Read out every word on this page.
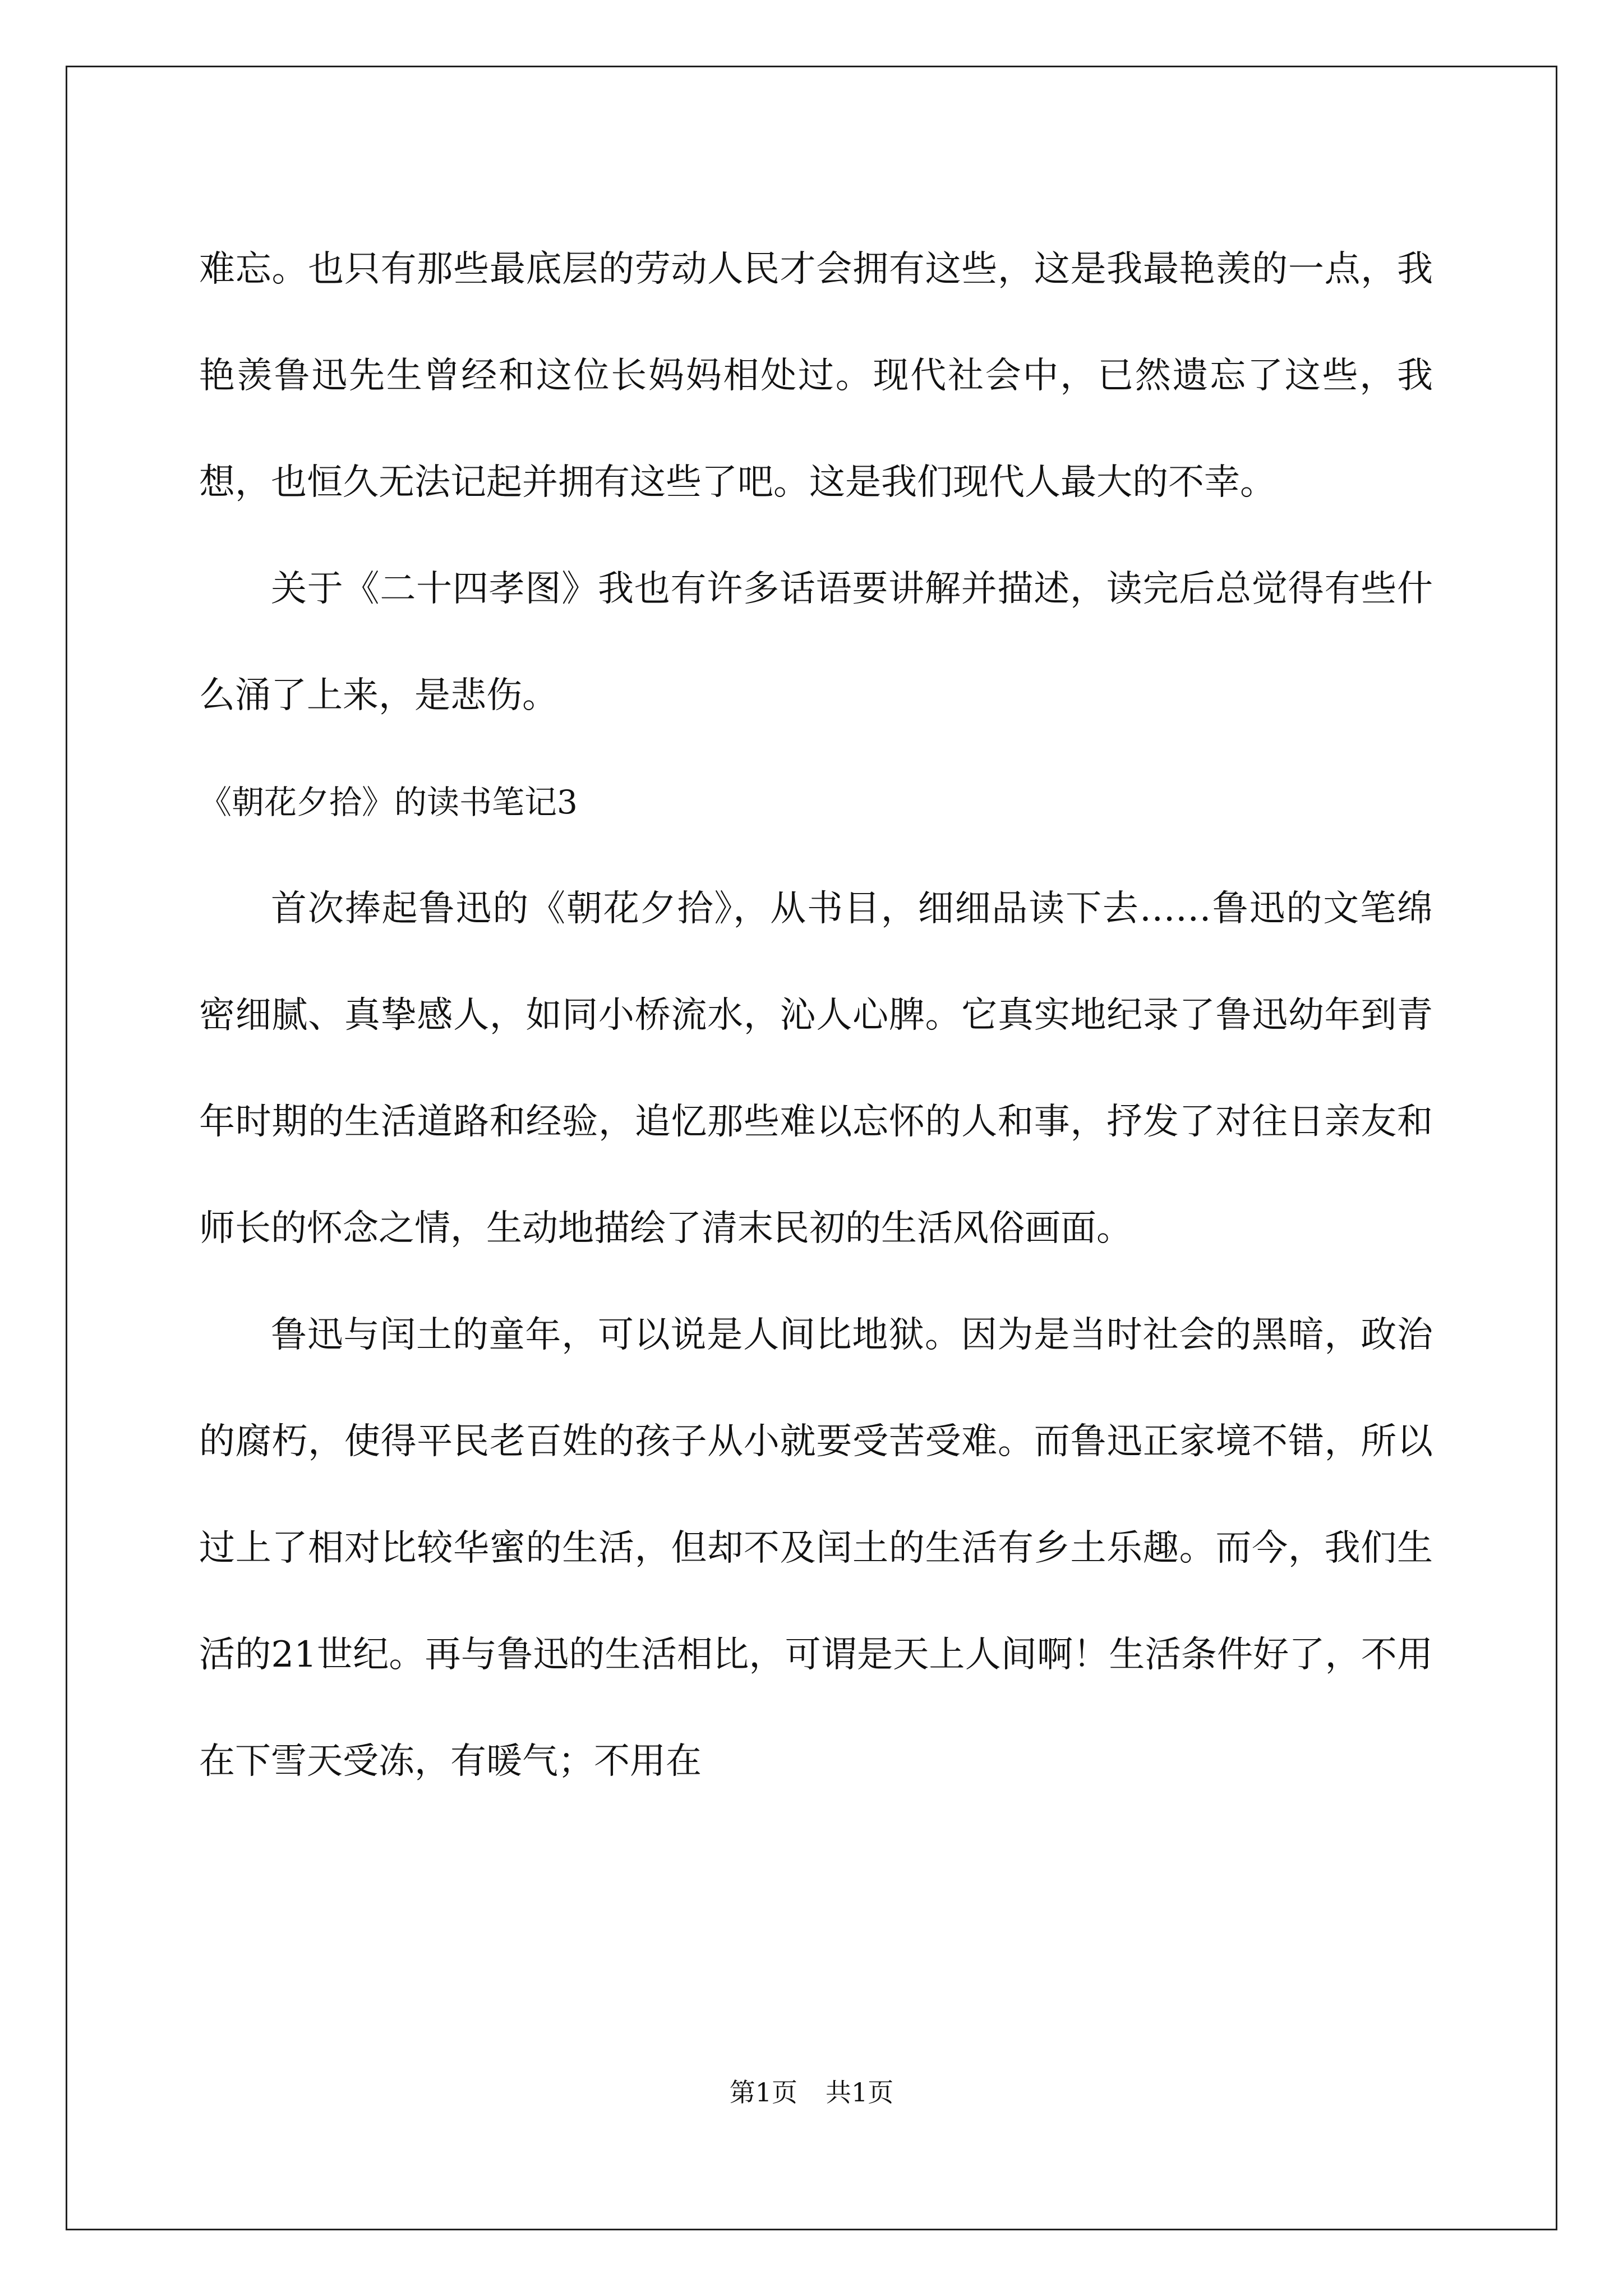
难忘。也只有那些最底层的劳动人民才会拥有这些，这是我最艳羡的一点，我艳羡鲁迅先生曾经和这位长妈妈相处过。现代社会中，已然遗忘了这些，我想，也恒久无法记起并拥有这些了吧。这是我们现代人最大的不幸。

关于《二十四孝图》我也有许多话语要讲解并描述，读完后总觉得有些什么涌了上来，是悲伤。

《朝花夕拾》的读书笔记3

首次捧起鲁迅的《朝花夕拾》，从书目，细细品读下去……鲁迅的文笔绵密细腻、真挚感人，如同小桥流水，沁人心脾。它真实地纪录了鲁迅幼年到青年时期的生活道路和经验，追忆那些难以忘怀的人和事，抒发了对往日亲友和师长的怀念之情，生动地描绘了清末民初的生活风俗画面。

鲁迅与闰土的童年，可以说是人间比地狱。因为是当时社会的黑暗，政治的腐朽，使得平民老百姓的孩子从小就要受苦受难。而鲁迅正家境不错，所以过上了相对比较华蜜的生活，但却不及闰土的生活有乡土乐趣。而今，我们生活的21世纪。再与鲁迅的生活相比，可谓是天上人间啊！生活条件好了，不用在下雪天受冻，有暖气；不用在

第1页 共1页
